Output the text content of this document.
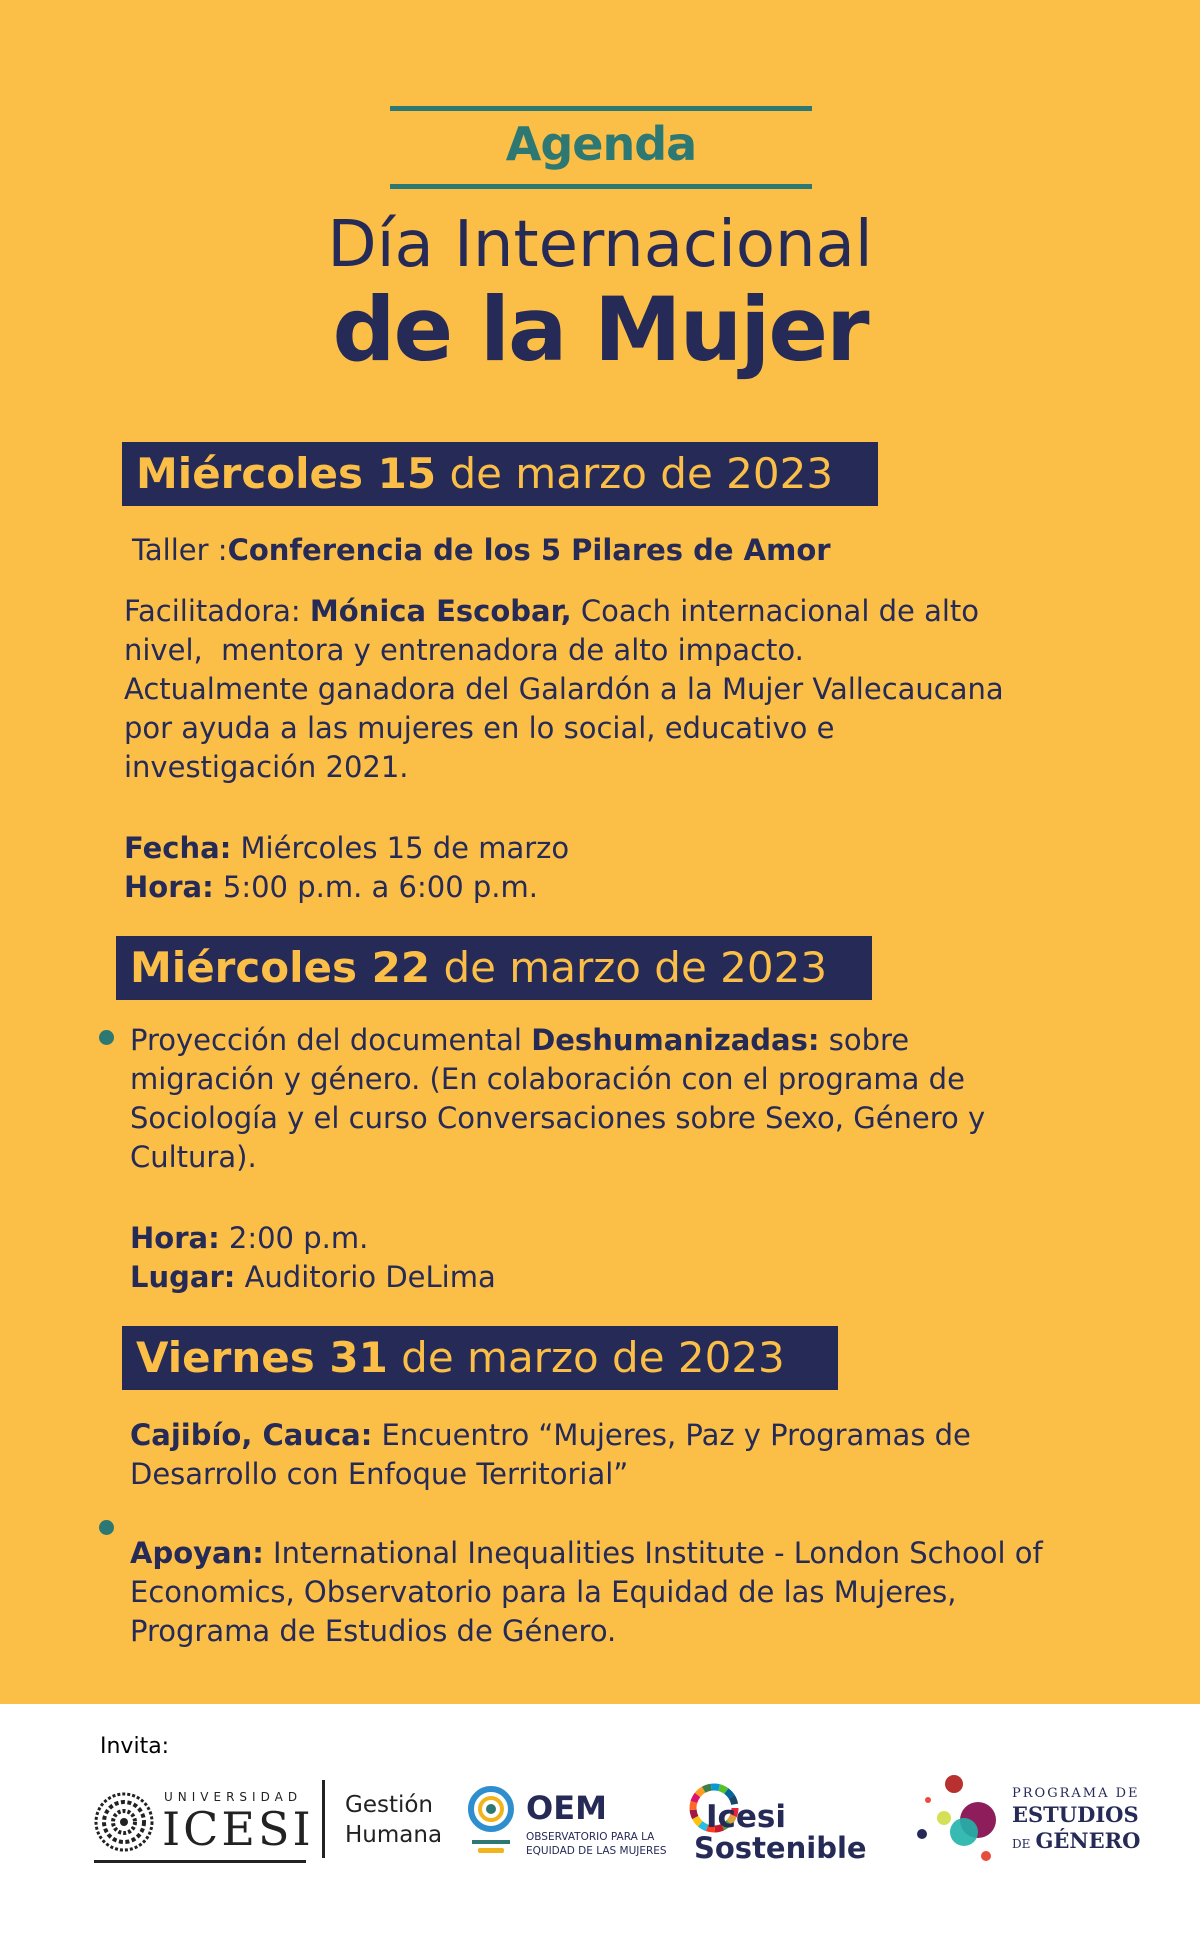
Agenda
Día Internacional
de la Mujer
Miércoles 15 de marzo de 2023
Taller :Conferencia de los 5 Pilares de Amor
Facilitadora: Mónica Escobar, Coach internacional de alto
nivel,  mentora y entrenadora de alto impacto.
Actualmente ganadora del Galardón a la Mujer Vallecaucana
por ayuda a las mujeres en lo social, educativo e
investigación 2021.
Fecha: Miércoles 15 de marzo
Hora: 5:00 p.m. a 6:00 p.m.
Miércoles 22 de marzo de 2023
Proyección del documental Deshumanizadas: sobre
migración y género. (En colaboración con el programa de
Sociología y el curso Conversaciones sobre Sexo, Género y
Cultura).
Hora: 2:00 p.m.
Lugar: Auditorio DeLima
Viernes 31 de marzo de 2023
Cajibío, Cauca: Encuentro “Mujeres, Paz y Programas de
Desarrollo con Enfoque Territorial”
Apoyan: International Inequalities Institute - London School of
Economics, Observatorio para la Equidad de las Mujeres,
Programa de Estudios de Género.
Invita:
UNIVERSIDAD
ICESI Gestión
Humana
OEM
OBSERVATORIO PARA LA
EQUIDAD DE LAS MUJERES
Icesi
Sostenible
PROGRAMA DE
ESTUDIOS
DE GÉNERO
